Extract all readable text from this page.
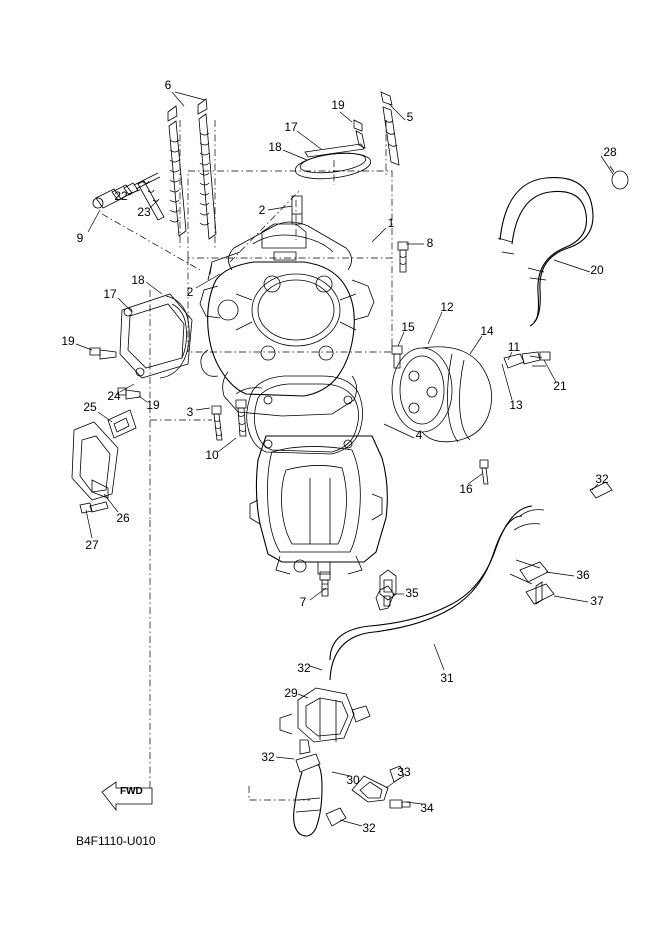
6
19
5
17
18	28
22
23	2
1
9	8
20
2
18
17
12
14
15
11
19
21
13
24
19 3
25
4
10
16
32
26
27
36
35
37
7
31
32
29
32
30
33
34
32
FWD
B4F1110-U010
